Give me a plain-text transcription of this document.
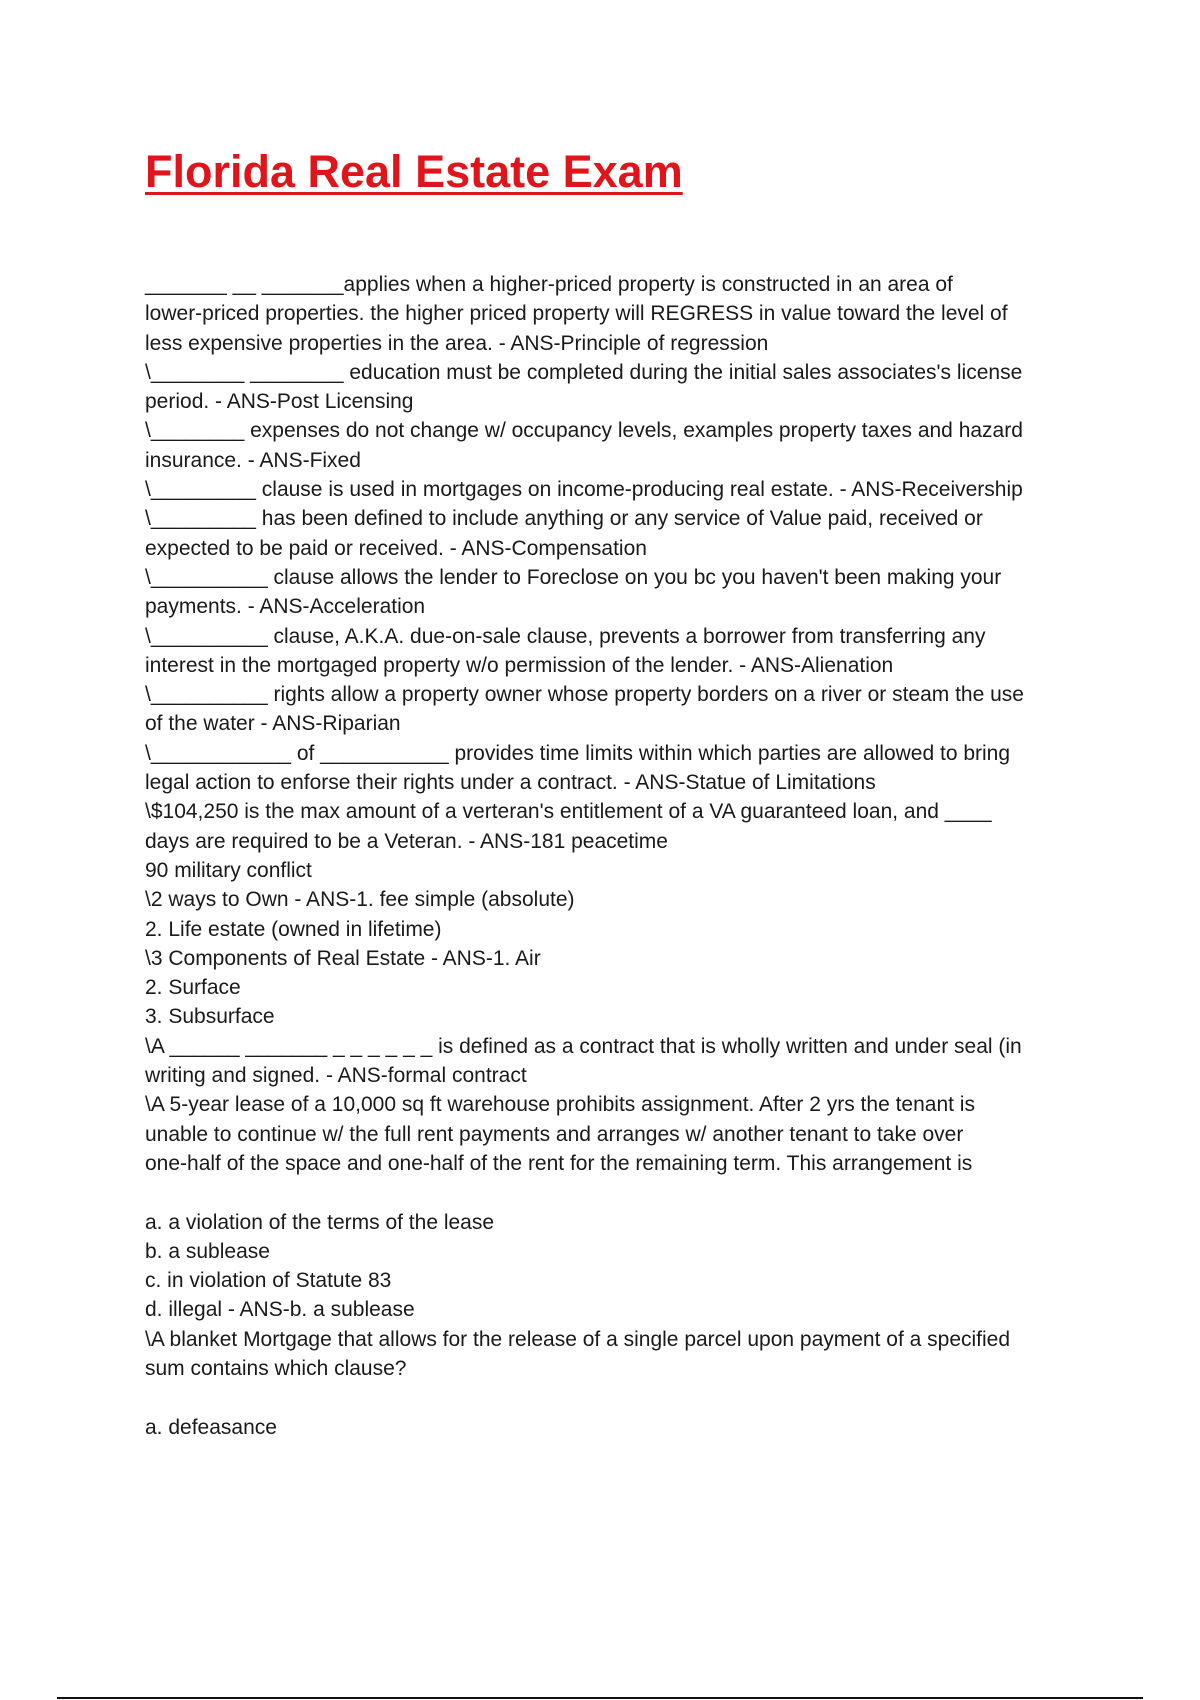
Florida Real Estate Exam

_______ __ _______applies when a higher-priced property is constructed in an area of

lower-priced properties. the higher priced property will REGRESS in value toward the level of

less expensive properties in the area. - ANS-Principle of regression

\________ ________ education must be completed during the initial sales associates's license

period. - ANS-Post Licensing

\________ expenses do not change w/ occupancy levels, examples property taxes and hazard

insurance. - ANS-Fixed

\_________ clause is used in mortgages on income-producing real estate. - ANS-Receivership

\_________ has been defined to include anything or any service of Value paid, received or

expected to be paid or received. - ANS-Compensation

\__________ clause allows the lender to Foreclose on you bc you haven't been making your

payments. - ANS-Acceleration

\__________ clause, A.K.A. due-on-sale clause, prevents a borrower from transferring any

interest in the mortgaged property w/o permission of the lender. - ANS-Alienation

\__________ rights allow a property owner whose property borders on a river or steam the use

of the water - ANS-Riparian

\____________ of ___________ provides time limits within which parties are allowed to bring

legal action to enforse their rights under a contract. - ANS-Statue of Limitations

\$104,250 is the max amount of a verteran's entitlement of a VA guaranteed loan, and ____

days are required to be a Veteran. - ANS-181 peacetime

90 military conflict

\2 ways to Own - ANS-1. fee simple (absolute)

2. Life estate (owned in lifetime)

\3 Components of Real Estate - ANS-1. Air

2. Surface

3. Subsurface

\A ______ _______ _ _ _ _ _ _ is defined as a contract that is wholly written and under seal (in

writing and signed. - ANS-formal contract

\A 5-year lease of a 10,000 sq ft warehouse prohibits assignment. After 2 yrs the tenant is

unable to continue w/ the full rent payments and arranges w/ another tenant to take over

one-half of the space and one-half of the rent for the remaining term. This arrangement is

a. a violation of the terms of the lease

b. a sublease

c. in violation of Statute 83

d. illegal - ANS-b. a sublease

\A blanket Mortgage that allows for the release of a single parcel upon payment of a specified

sum contains which clause?

a. defeasance
